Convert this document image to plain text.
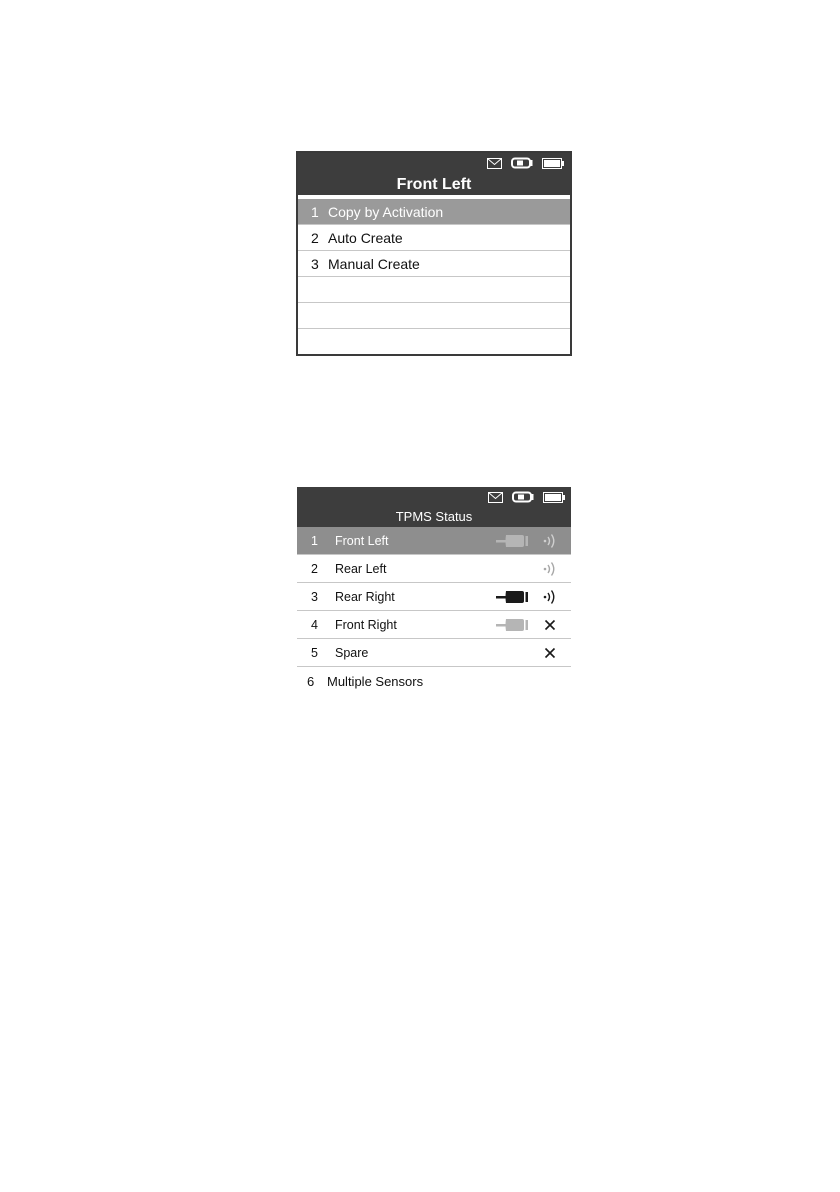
Front Left
1 Copy by Activation
2 Auto Create
3 Manual Create
TPMS Status
1	Front Left
2	Rear Left
3	Rear Right
4	Front Right
5	Spare
6 Multiple Sensors
